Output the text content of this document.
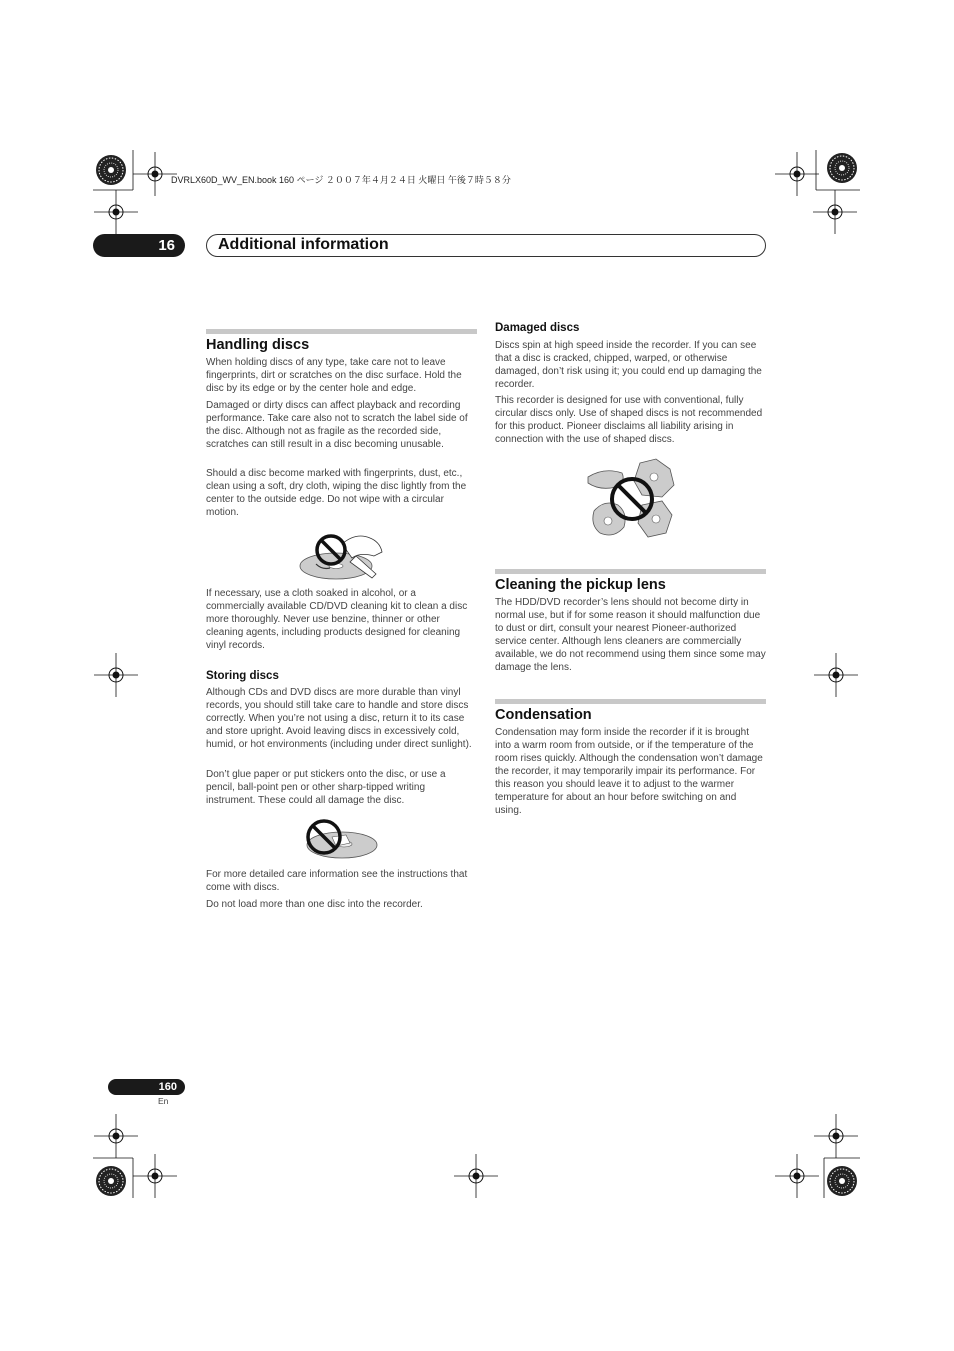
DVRLX60D_WV_EN.book 160 ページ ２００７年４月２４日 火曜日 午後７時５８分
16	Additional information
Handling discs

When holding discs of any type, take care not to leave fingerprints, dirt or scratches on the disc surface. Hold the disc by its edge or by the center hole and edge.

Damaged or dirty discs can affect playback and recording performance. Take care also not to scratch the label side of the disc. Although not as fragile as the recorded side, scratches can still result in a disc becoming unusable.

Should a disc become marked with fingerprints, dust, etc., clean using a soft, dry cloth, wiping the disc lightly from the center to the outside edge. Do not wipe with a circular motion.

If necessary, use a cloth soaked in alcohol, or a commercially available CD/DVD cleaning kit to clean a disc more thoroughly. Never use benzine, thinner or other cleaning agents, including products designed for cleaning vinyl records.

Storing discs

Although CDs and DVD discs are more durable than vinyl records, you should still take care to handle and store discs correctly. When you’re not using a disc, return it to its case and store upright. Avoid leaving discs in excessively cold, humid, or hot environments (including under direct sunlight).

Don’t glue paper or put stickers onto the disc, or use a pencil, ball-point pen or other sharp-tipped writing instrument. These could all damage the disc.

For more detailed care information see the instructions that come with discs.

Do not load more than one disc into the recorder.

Damaged discs

Discs spin at high speed inside the recorder. If you can see that a disc is cracked, chipped, warped, or otherwise damaged, don’t risk using it; you could end up damaging the recorder.

This recorder is designed for use with conventional, fully circular discs only. Use of shaped discs is not recommended for this product. Pioneer disclaims all liability arising in connection with the use of shaped discs.

Cleaning the pickup lens

The HDD/DVD recorder’s lens should not become dirty in normal use, but if for some reason it should malfunction due to dust or dirt, consult your nearest Pioneer-authorized service center. Although lens cleaners are commercially available, we do not recommend using them since some may damage the lens.

Condensation

Condensation may form inside the recorder if it is brought into a warm room from outside, or if the temperature of the room rises quickly. Although the condensation won’t damage the recorder, it may temporarily impair its performance. For this reason you should leave it to adjust to the warmer temperature for about an hour before switching on and using.

160
En
